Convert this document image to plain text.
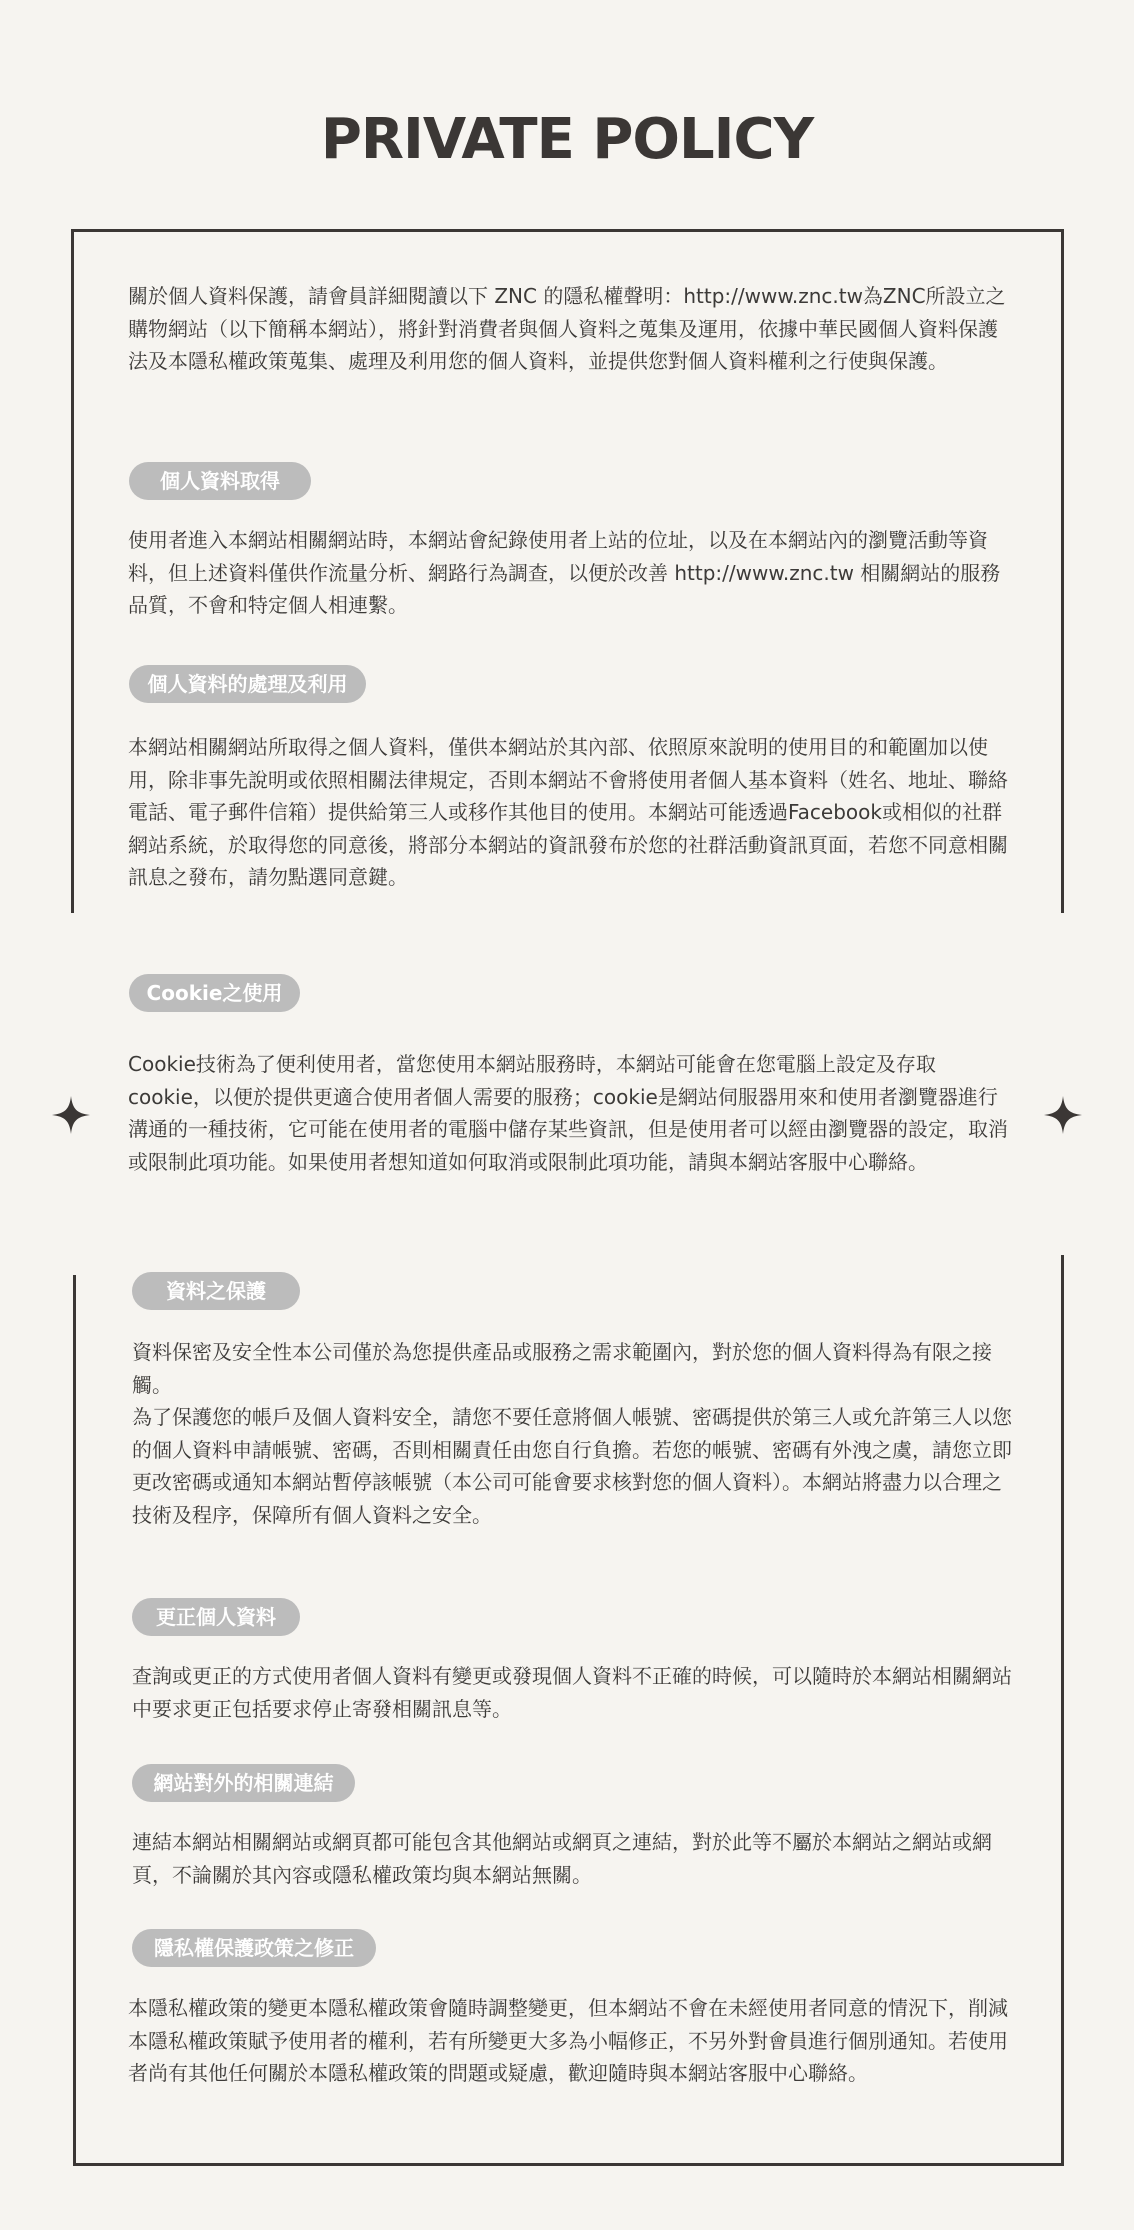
PRIVATE POLICY

關於個人資料保護，請會員詳細閱讀以下 ZNC 的隱私權聲明：http://www.znc.tw為ZNC所設立之購物網站（以下簡稱本網站），將針對消費者與個人資料之蒐集及運用，依據中華民國個人資料保護法及本隱私權政策蒐集、處理及利用您的個人資料，並提供您對個人資料權利之行使與保護。

個人資料取得

使用者進入本網站相關網站時，本網站會紀錄使用者上站的位址，以及在本網站內的瀏覽活動等資料，但上述資料僅供作流量分析、網路行為調查，以便於改善 http://www.znc.tw 相關網站的服務品質，不會和特定個人相連繫。

個人資料的處理及利用

本網站相關網站所取得之個人資料，僅供本網站於其內部、依照原來說明的使用目的和範圍加以使用，除非事先說明或依照相關法律規定，否則本網站不會將使用者個人基本資料（姓名、地址、聯絡電話、電子郵件信箱）提供給第三人或移作其他目的使用。本網站可能透過Facebook或相似的社群網站系統，於取得您的同意後，將部分本網站的資訊發布於您的社群活動資訊頁面，若您不同意相關訊息之發布，請勿點選同意鍵。

Cookie之使用

Cookie技術為了便利使用者，當您使用本網站服務時，本網站可能會在您電腦上設定及存取cookie，以便於提供更適合使用者個人需要的服務；cookie是網站伺服器用來和使用者瀏覽器進行溝通的一種技術，它可能在使用者的電腦中儲存某些資訊，但是使用者可以經由瀏覽器的設定，取消或限制此項功能。如果使用者想知道如何取消或限制此項功能，請與本網站客服中心聯絡。

資料之保護

資料保密及安全性本公司僅於為您提供產品或服務之需求範圍內，對於您的個人資料得為有限之接觸。

為了保護您的帳戶及個人資料安全，請您不要任意將個人帳號、密碼提供於第三人或允許第三人以您的個人資料申請帳號、密碼，否則相關責任由您自行負擔。若您的帳號、密碼有外洩之虞，請您立即更改密碼或通知本網站暫停該帳號（本公司可能會要求核對您的個人資料）。本網站將盡力以合理之技術及程序，保障所有個人資料之安全。

更正個人資料

查詢或更正的方式使用者個人資料有變更或發現個人資料不正確的時候，可以隨時於本網站相關網站中要求更正包括要求停止寄發相關訊息等。

網站對外的相關連結

連結本網站相關網站或網頁都可能包含其他網站或網頁之連結，對於此等不屬於本網站之網站或網頁，不論關於其內容或隱私權政策均與本網站無關。

隱私權保護政策之修正

本隱私權政策的變更本隱私權政策會隨時調整變更，但本網站不會在未經使用者同意的情況下，削減本隱私權政策賦予使用者的權利，若有所變更大多為小幅修正，不另外對會員進行個別通知。若使用者尚有其他任何關於本隱私權政策的問題或疑慮，歡迎隨時與本網站客服中心聯絡。
